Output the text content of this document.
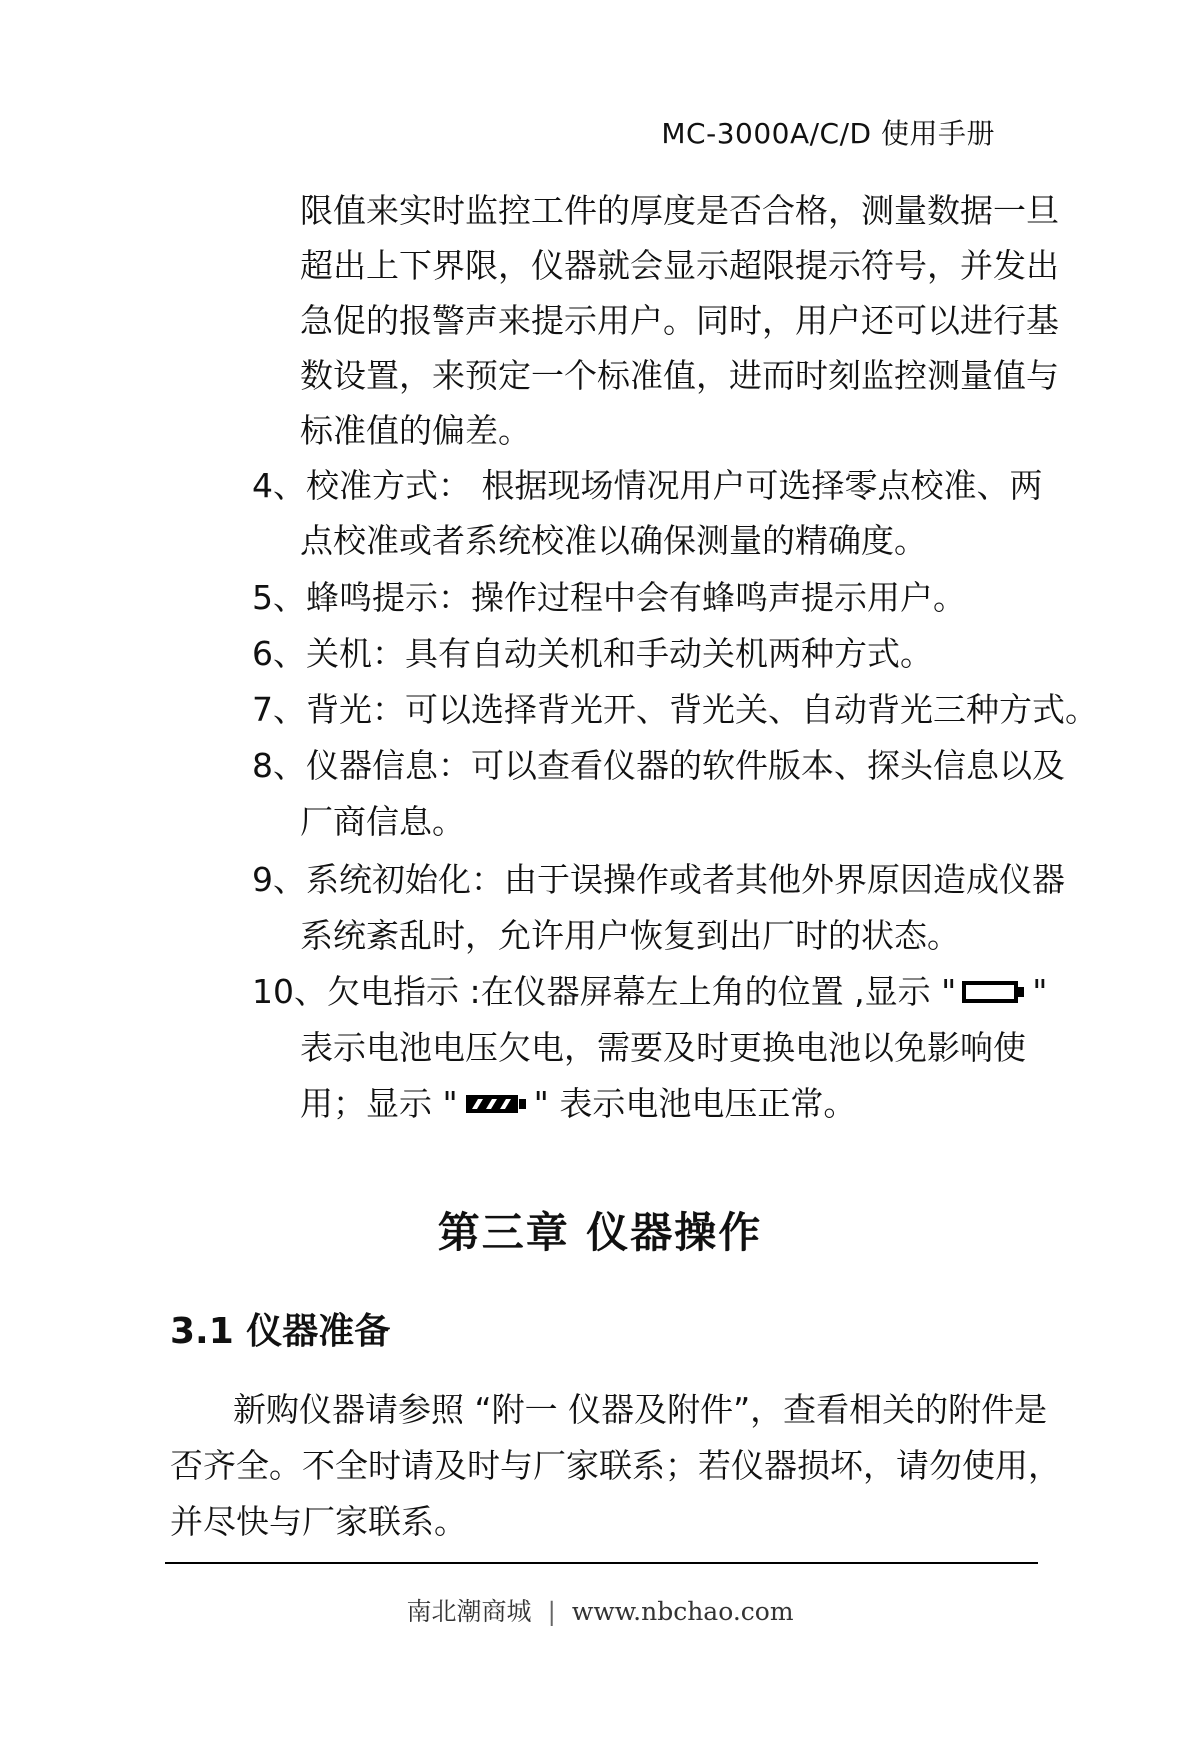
MC-3000A/C/D 使用手册
限值来实时监控工件的厚度是否合格，测量数据一旦
超出上下界限，仪器就会显示超限提示符号，并发出
急促的报警声来提示用户。同时，用户还可以进行基
数设置，来预定一个标准值，进而时刻监控测量值与
标准值的偏差。
4、校准方式： 根据现场情况用户可选择零点校准、两
点校准或者系统校准以确保测量的精确度。
5、蜂鸣提示：操作过程中会有蜂鸣声提示用户。
6、关机：具有自动关机和手动关机两种方式。
7、背光：可以选择背光开、背光关、自动背光三种方式。
8、仪器信息：可以查看仪器的软件版本、探头信息以及
厂商信息。
9、系统初始化：由于误操作或者其他外界原因造成仪器
系统紊乱时，允许用户恢复到出厂时的状态。
10、欠电指示 :在仪器屏幕左上角的位置 ,显示 " "
表示电池电压欠电，需要及时更换电池以免影响使
用；显示 " " 表示电池电压正常。
第三章 仪器操作
3.1 仪器准备
新购仪器请参照 “附一 仪器及附件”，查看相关的附件是
否齐全。不全时请及时与厂家联系；若仪器损坏，请勿使用，
并尽快与厂家联系。
南北潮商城 | www.nbchao.com
